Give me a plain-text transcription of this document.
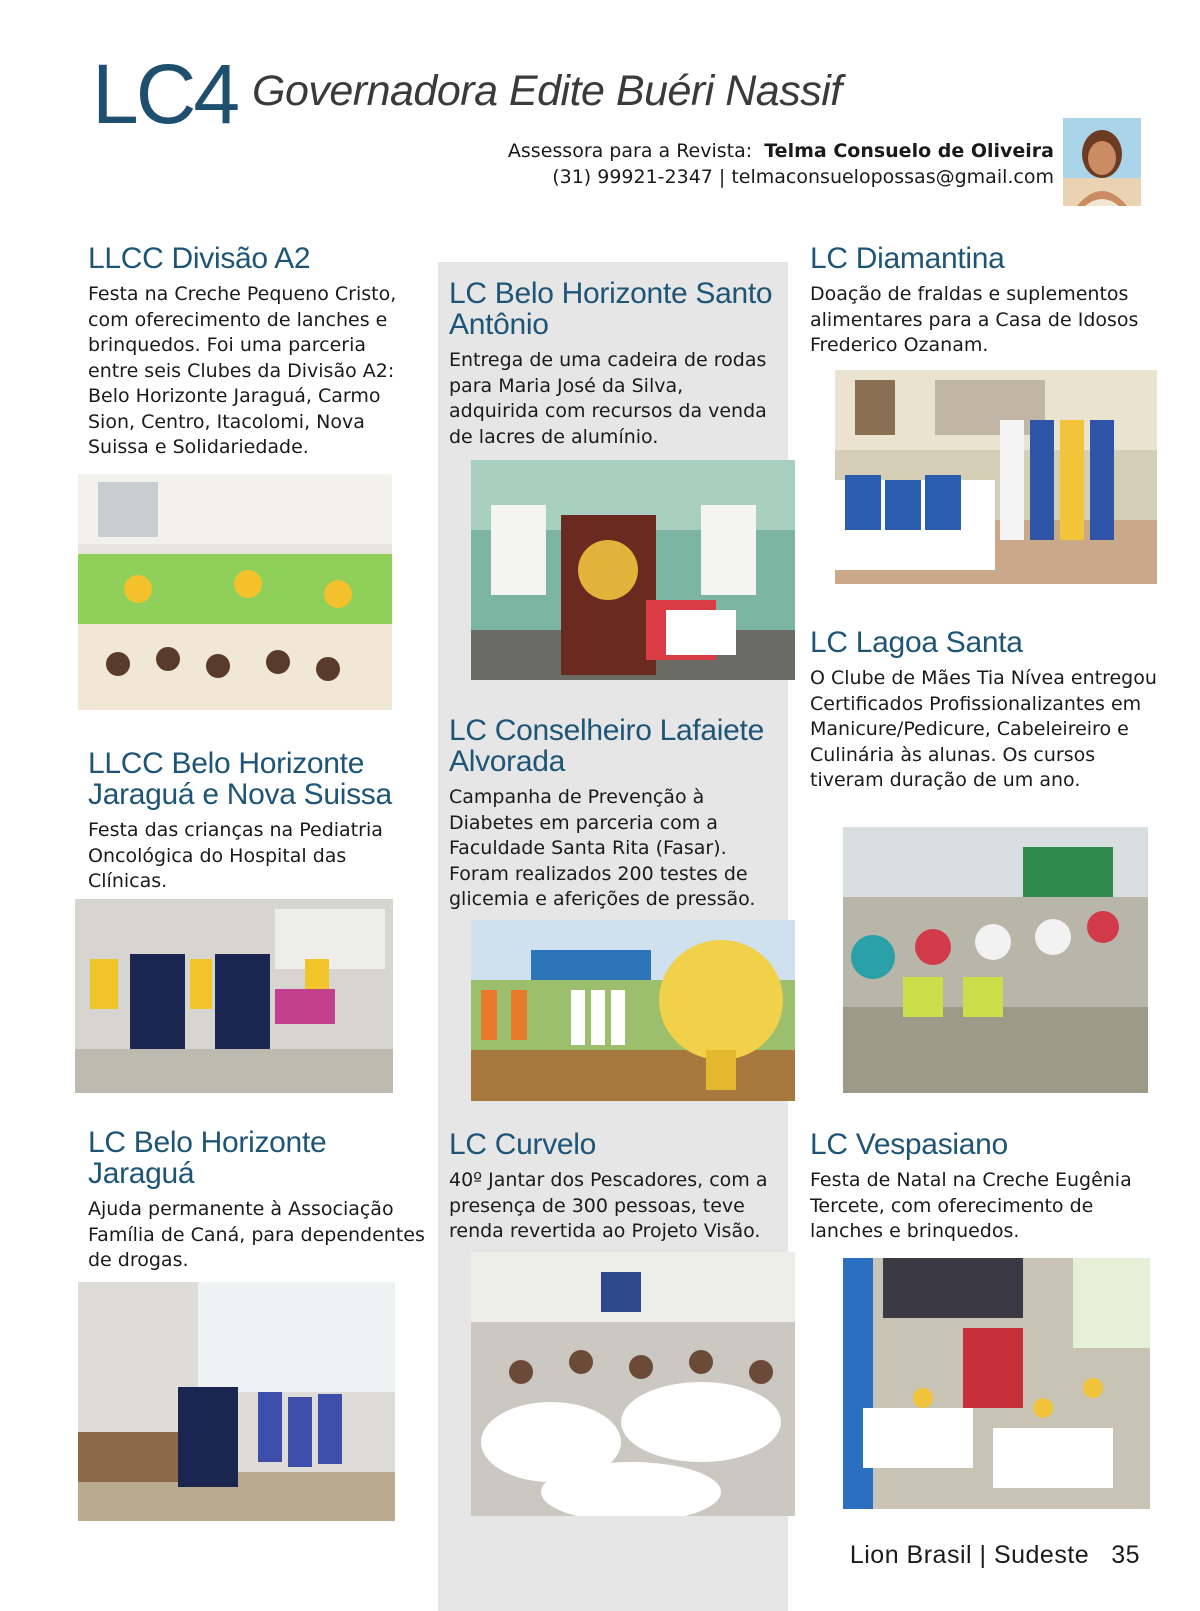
LC4 Governadora Edite Buéri Nassif
Assessora para a Revista: Telma Consuelo de Oliveira
(31) 99921-2347 | telmaconsuelopossas@gmail.com
LLCC Divisão A2

Festa na Creche Pequeno Cristo, com oferecimento de lanches e brinquedos. Foi uma parceria entre seis Clubes da Divisão A2: Belo Horizonte Jaraguá, Carmo Sion, Centro, Itacolomi, Nova Suissa e Solidariedade.

LLCC Belo Horizonte Jaraguá e Nova Suissa

Festa das crianças na Pediatria Oncológica do Hospital das Clínicas.

LC Belo Horizonte Jaraguá

Ajuda permanente à Associação Família de Caná, para dependentes de drogas.

LC Belo Horizonte Santo Antônio

Entrega de uma cadeira de rodas para Maria José da Silva, adquirida com recursos da venda de lacres de alumínio.

LC Conselheiro Lafaiete Alvorada

Campanha de Prevenção à Diabetes em parceria com a Faculdade Santa Rita (Fasar). Foram realizados 200 testes de glicemia e aferições de pressão.

LC Curvelo

40º Jantar dos Pescadores, com a presença de 300 pessoas, teve renda revertida ao Projeto Visão.

LC Diamantina

Doação de fraldas e suplementos alimentares para a Casa de Idosos Frederico Ozanam.

LC Lagoa Santa

O Clube de Mães Tia Nívea entregou Certificados Profissionalizantes em Manicure/Pedicure, Cabeleireiro e Culinária às alunas. Os cursos tiveram duração de um ano.

LC Vespasiano

Festa de Natal na Creche Eugênia Tercete, com oferecimento de lanches e brinquedos.

Lion Brasil | Sudeste 35
